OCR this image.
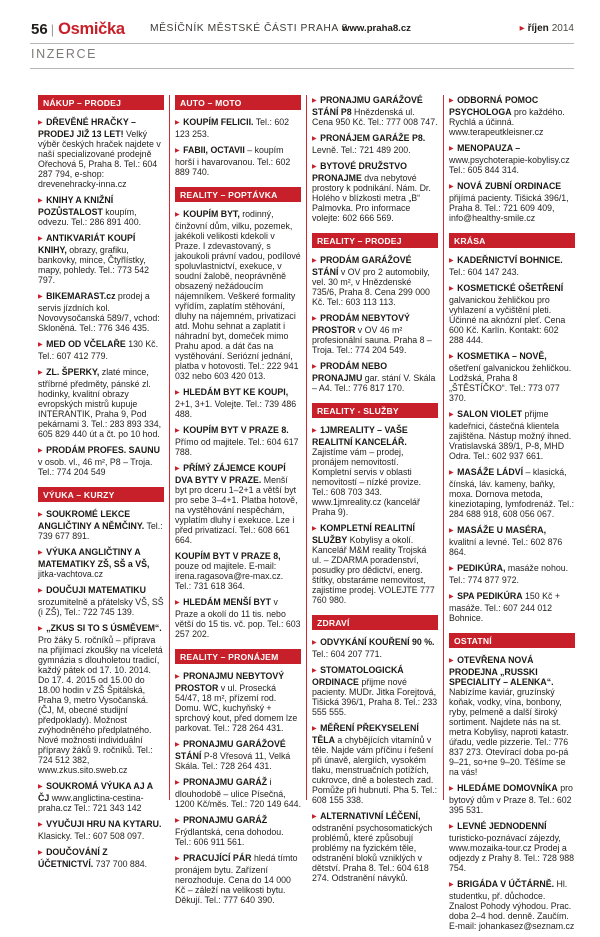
56 | Osmička MĚSÍČNÍK MĚSTSKÉ ČÁSTI PRAHA 8
www.praha8.cz	▶ říjen 2014
INZERCE
NÁKUP – PRODEJ
▶ DŘEVĚNÉ HRAČKY – PRODEJ JIŽ 13 LET! Velký výběr českých hraček najdete v naší specializované prodejně Ořechová 5, Praha 8. Tel.: 604 287 794, e-shop: drevenehracky-inna.cz
▶ KNIHY A KNIŽNÍ POZŮSTALOST koupím, odvezu. Tel.: 286 891 400.
▶ ANTIKVARIÁT KOUPÍ KNIHY, obrazy, grafiku, bankovky, mince, Čtyřlístky, mapy, pohledy. Tel.: 773 542 797.
▶ BIKEMARAST.cz prodej a servis jízdních kol. Novovysočanská 589/7, vchod: Skloněná. Tel.: 776 346 435.
▶ MED OD VČELAŘE 130 Kč. Tel.: 607 412 779.
▶ ZL. ŠPERKY, zlaté mince, stříbrné předměty, pánské zl. hodinky, kvalitní obrazy evropských mistrů kupuje INTERANTIK, Praha 9, Pod pekárnami 3. Tel.: 283 893 334, 605 829 440 út a čt. po 10 hod.
▶ PRODÁM PROFES. SAUNU v osob. vl., 46 m², P8 – Troja. Tel.: 774 204 549
VÝUKA – KURZY
▶ SOUKROMÉ LEKCE ANGLIČTINY A NĚMČINY. Tel.: 739 677 891.
▶ VÝUKA ANGLIČTINY A MATEMATIKY ZŠ, SŠ a VŠ, jitka-vachtova.cz
▶ DOUČUJI MATEMATIKU srozumitelně a přátelsky VŠ, SŠ (i ZŠ), Tel.: 722 745 139.
▶ „ZKUS SI TO S ÚSMĚVEM“. Pro žáky 5. ročníků – příprava na přijímací zkoušky na víceletá gymnázia s dlouholetou tradicí, každý pátek od 17. 10. 2014. Do 17. 4. 2015 od 15.00 do 18.00 hodin v ZŠ Špitálská, Praha 9, metro Vysočanská. (ČJ, M, obecné studijní předpoklady). Možnost zvýhodněného předplatného. Nové možnosti individuální přípravy žáků 9. ročníků. Tel.: 724 512 382, www.zkus.sito.sweb.cz
▶ SOUKROMÁ VÝUKA AJ A ČJ www.anglictina-cestina-praha.cz Tel.: 721 343 142
▶ VYUČUJI HRU NA KYTARU. Klasicky. Tel.: 607 508 097.
▶ DOUČOVÁNÍ Z ÚČETNICTVÍ. 737 700 884.
AUTO – MOTO
▶ KOUPÍM FELICII. Tel.: 602 123 253.
▶ FABII, OCTAVII – koupím horší i havarovanou. Tel.: 602 889 740.
REALITY – POPTÁVKA
▶ KOUPÍM BYT, rodinný, činžovní dům, vilku, pozemek, jakékoli velikosti kdekoli v Praze. I zdevastovaný, s jakoukoli právní vadou, podílové spoluvlastnictví, exekuce, v soudní žalobě, neoprávněně obsazený nežádoucím nájemníkem. Veškeré formality vyřídím, zaplatím stěhování, dluhy na nájemném, privatizaci atd. Mohu sehnat a zaplatit i náhradní byt, domeček mimo Prahu apod. a dát čas na vystěhování. Seriózní jednání, platba v hotovosti. Tel.: 222 941 032 nebo 603 420 013.
▶ HLEDÁM BYT KE KOUPI, 2+1, 3+1. Volejte. Tel.: 739 486 488.
▶ KOUPÍM BYT V PRAZE 8. Přímo od majitele. Tel.: 604 617 788.
▶ PŘÍMÝ ZÁJEMCE KOUPÍ DVA BYTY V PRAZE. Menší byt pro dceru 1–2+1 a větší byt pro sebe 3–4+1. Platba hotově, na vystěhování nespěchám, vyplatím dluhy i exekuce. Lze i před privatizací. Tel.: 608 661 664.
KOUPÍM BYT V PRAZE 8, pouze od majitele. E-mail: irena.ragasova@re-max.cz. Tel.: 731 618 364.
▶ HLEDÁM MENŠÍ BYT v Praze a okolí do 11 tis. nebo větší do 15 tis. vč. pop. Tel.: 603 257 202.
REALITY – PRONÁJEM
▶ PRONAJMU NEBYTOVÝ PROSTOR v ul. Prosecká 54/47, 18 m², přízemí rod. Domu. WC, kuchyňský + sprchový kout, před domem lze parkovat. Tel.: 728 264 431.
▶ PRONAJMU GARÁŽOVÉ STÁNÍ P-8 Vřesová 11, Velká Skála. Tel.: 728 264 431.
▶ PRONAJMU GARÁŽ i dlouhodobě – ulice Písečná, 1200 Kč/měs. Tel.: 720 149 644.
▶ PRONAJMU GARÁŽ Frýdlantská, cena dohodou. Tel.: 606 911 561.
▶ PRACUJÍCÍ PÁR hledá tímto pronájem bytu. Zařízení nerozhoduje. Cena do 14 000 Kč – záleží na velikosti bytu. Děkují. Tel.: 777 640 390.
▶ PRONAJMU GARÁŽOVÉ STÁNÍ P8 Hnězdenská ul. Cena 950 Kč. Tel.: 777 008 747.
▶ PRONÁJEM GARÁŽE P8. Levně. Tel.: 721 489 200.
▶ BYTOVÉ DRUŽSTVO PRONAJME dva nebytové prostory k podnikání. Nám. Dr. Holého v blízkosti metra „B“ Palmovka. Pro informace volejte: 602 666 569.
REALITY – PRODEJ
▶ PRODÁM GARÁŽOVÉ STÁNÍ v OV pro 2 automobily, vel. 30 m², v Hnězdenské 735/6, Praha 8. Cena 299 000 Kč. Tel.: 603 113 113.
▶ PRODÁM NEBYTOVÝ PROSTOR v OV 46 m² profesionální sauna. Praha 8 – Troja. Tel.: 774 204 549.
▶ PRODÁM NEBO PRONAJMU gar. stání V. Skála – A4. Tel.: 776 817 170.
REALITY - SLUŽBY
▶ 1JMREALITY – VAŠE REALITNÍ KANCELÁŘ. Zajistíme vám – prodej, pronájem nemovitostí. Kompletní servis v oblasti nemovitostí – nízké provize. Tel.: 608 703 343. www.1jmreality.cz (kancelář Praha 9).
▶ KOMPLETNÍ REALITNÍ SLUŽBY Kobylisy a okolí. Kancelář M&M reality Trojská ul. – ZDARMA poradenství, posudky pro dědictví, energ. štítky, obstaráme nemovitost, zajistíme prodej. VOLEJTE 777 760 980.
ZDRAVÍ
▶ ODVYKÁNÍ KOUŘENÍ 90 %. Tel.: 604 207 771.
▶ STOMATOLOGICKÁ ORDINACE přijme nové pacienty. MUDr. Jitka Forejtová, Tišická 396/1, Praha 8. Tel.: 233 555 555.
▶ MĚŘENÍ PŘEKYSELENÍ TĚLA a chybějících vitamínů v těle. Najde vám příčinu i řešení při únavě, alergiích, vysokém tlaku, menstruačních potížích, cukrovce, dně a bolestech zad. Pomůže při hubnutí. Pha 5. Tel.: 608 155 338.
▶ ALTERNATIVNÍ LÉČENÍ, odstranění psychosomatických problémů, které způsobují problémy na fyzickém těle, odstranění bloků vzniklých v dětství. Praha 8. Tel.: 604 618 274. Odstranění návyků.
▶ ODBORNÁ POMOC PSYCHOLOGA pro každého. Rychlá a účinná. www.terapeutkleisner.cz
▶ MENOPAUZA – www.psychoterapie-kobylisy.cz Tel.: 605 844 314.
▶ NOVÁ ZUBNÍ ORDINACE přijímá pacienty. Tišická 396/1, Praha 8. Tel.: 721 609 409, info@healthy-smile.cz
KRÁSA
▶ KADEŘNICTVÍ BOHNICE. Tel.: 604 147 243.
▶ KOSMETICKÉ OŠETŘENÍ galvanickou žehličkou pro vyhlazení a vyčištění pleti. Účinné na aknózní pleť. Cena 600 Kč. Karlín. Kontakt: 602 288 444.
▶ KOSMETIKA – NOVĚ, ošetření galvanickou žehličkou. Lodžská, Praha 8 „ŠTĚSTÍČKO“. Tel.: 773 077 370.
▶ SALON VIOLET přijme kadeřnici, částečná klientela zajištěna. Nástup možný ihned. Vratislavská 389/1, P-8, MHD Odra. Tel.: 602 937 661.
▶ MASÁŽE LÁDVÍ – klasická, čínská, láv. kameny, baňky, moxa. Dornova metoda, kineziotaping, lymfodrenáž. Tel.: 284 688 918, 608 056 067.
▶ MASÁŽE U MASÉRA, kvalitní a levné. Tel.: 602 876 864.
▶ PEDIKÚRA, masáže nohou. Tel.: 774 877 972.
▶ SPA PEDIKÚRA 150 Kč + masáže. Tel.: 607 244 012 Bohnice.
OSTATNÍ
▶ OTEVŘENA NOVÁ PRODEJNA „RUSSKI SPECIALITY – ALENKA“. Nabízíme kaviár, gruzínský koňak, vodky, vína, bonbony, ryby, pelmeně a další široký sortiment. Najdete nás na st. metra Kobylisy, naproti katastr. úřadu, vedle pizzerie. Tel.: 776 837 273. Otevírací doba po-pá 9–21, so+ne 9–20. Těšíme se na vás!
▶ HLEDÁME DOMOVNÍKA pro bytový dům v Praze 8. Tel.: 602 395 531.
▶ LEVNÉ JEDNODENNÍ turisticko-poznávací zájezdy, www.mozaika-tour.cz Prodej a odjezdy z Prahy 8. Tel.: 728 988 754.
▶ BRIGÁDA V ÚČTÁRNĚ. Hl. studentku, př. důchodce. Znalost Pohody výhodou. Prac. doba 2–4 hod. denně. Zaučím. E-mail: johankasez@seznam.cz
